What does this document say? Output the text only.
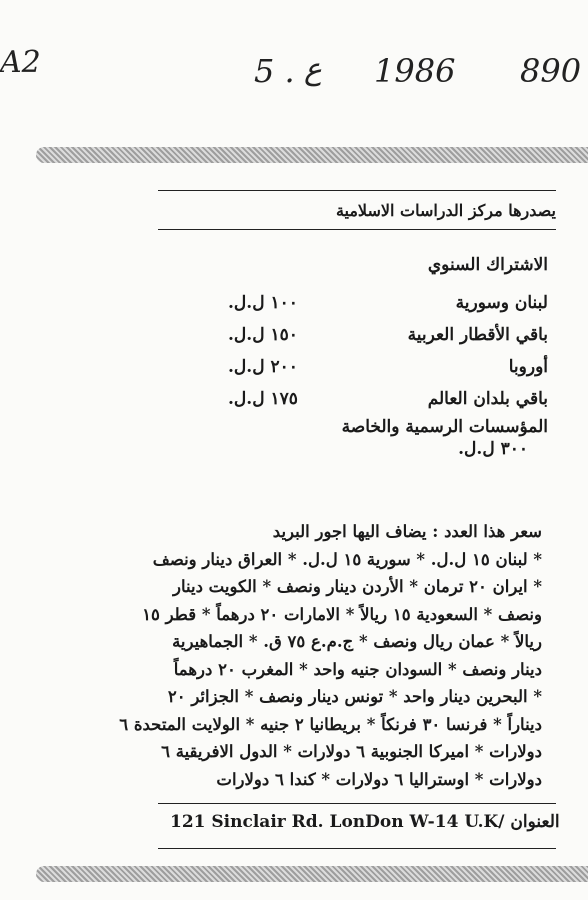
A2	5 . ع 1986 890
يصدرها مركز الدراسات الاسلامية
الاشتراك السنوي
لبنان وسورية
١٠٠ ل.ل.
باقي الأقطار العربية
١٥٠ ل.ل.
أوروبا
٢٠٠ ل.ل.
باقي بلدان العالم
١٧٥ ل.ل.
المؤسسات الرسمية والخاصة
٣٠٠ ل.ل.
سعر هذا العدد : يضاف اليها اجور البريد
* لبنان ١٥ ل.ل. * سورية ١٥ ل.ل. * العراق دينار ونصف
* ايران ٢٠ ترمان * الأردن دينار ونصف * الكويت دينار
ونصف * السعودية ١٥ ريالاً * الامارات ٢٠ درهماً * قطر ١٥
ريالاً * عمان ريال ونصف * ج.م.ع ٧٥ ق. * الجماهيرية
دينار ونصف * السودان جنيه واحد * المغرب ٢٠ درهماً
* البحرين دينار واحد * تونس دينار ونصف * الجزائر ٢٠
ديناراً * فرنسا ٣٠ فرنكاً * بريطانيا ٢ جنيه * الولايت المتحدة ٦
دولارات * اميركا الجنوبية ٦ دولارات * الدول الافريقية ٦
دولارات * اوستراليا ٦ دولارات * كندا ٦ دولارات
121 Sinclair Rd. LonDon W-14 U.K العنوان /
